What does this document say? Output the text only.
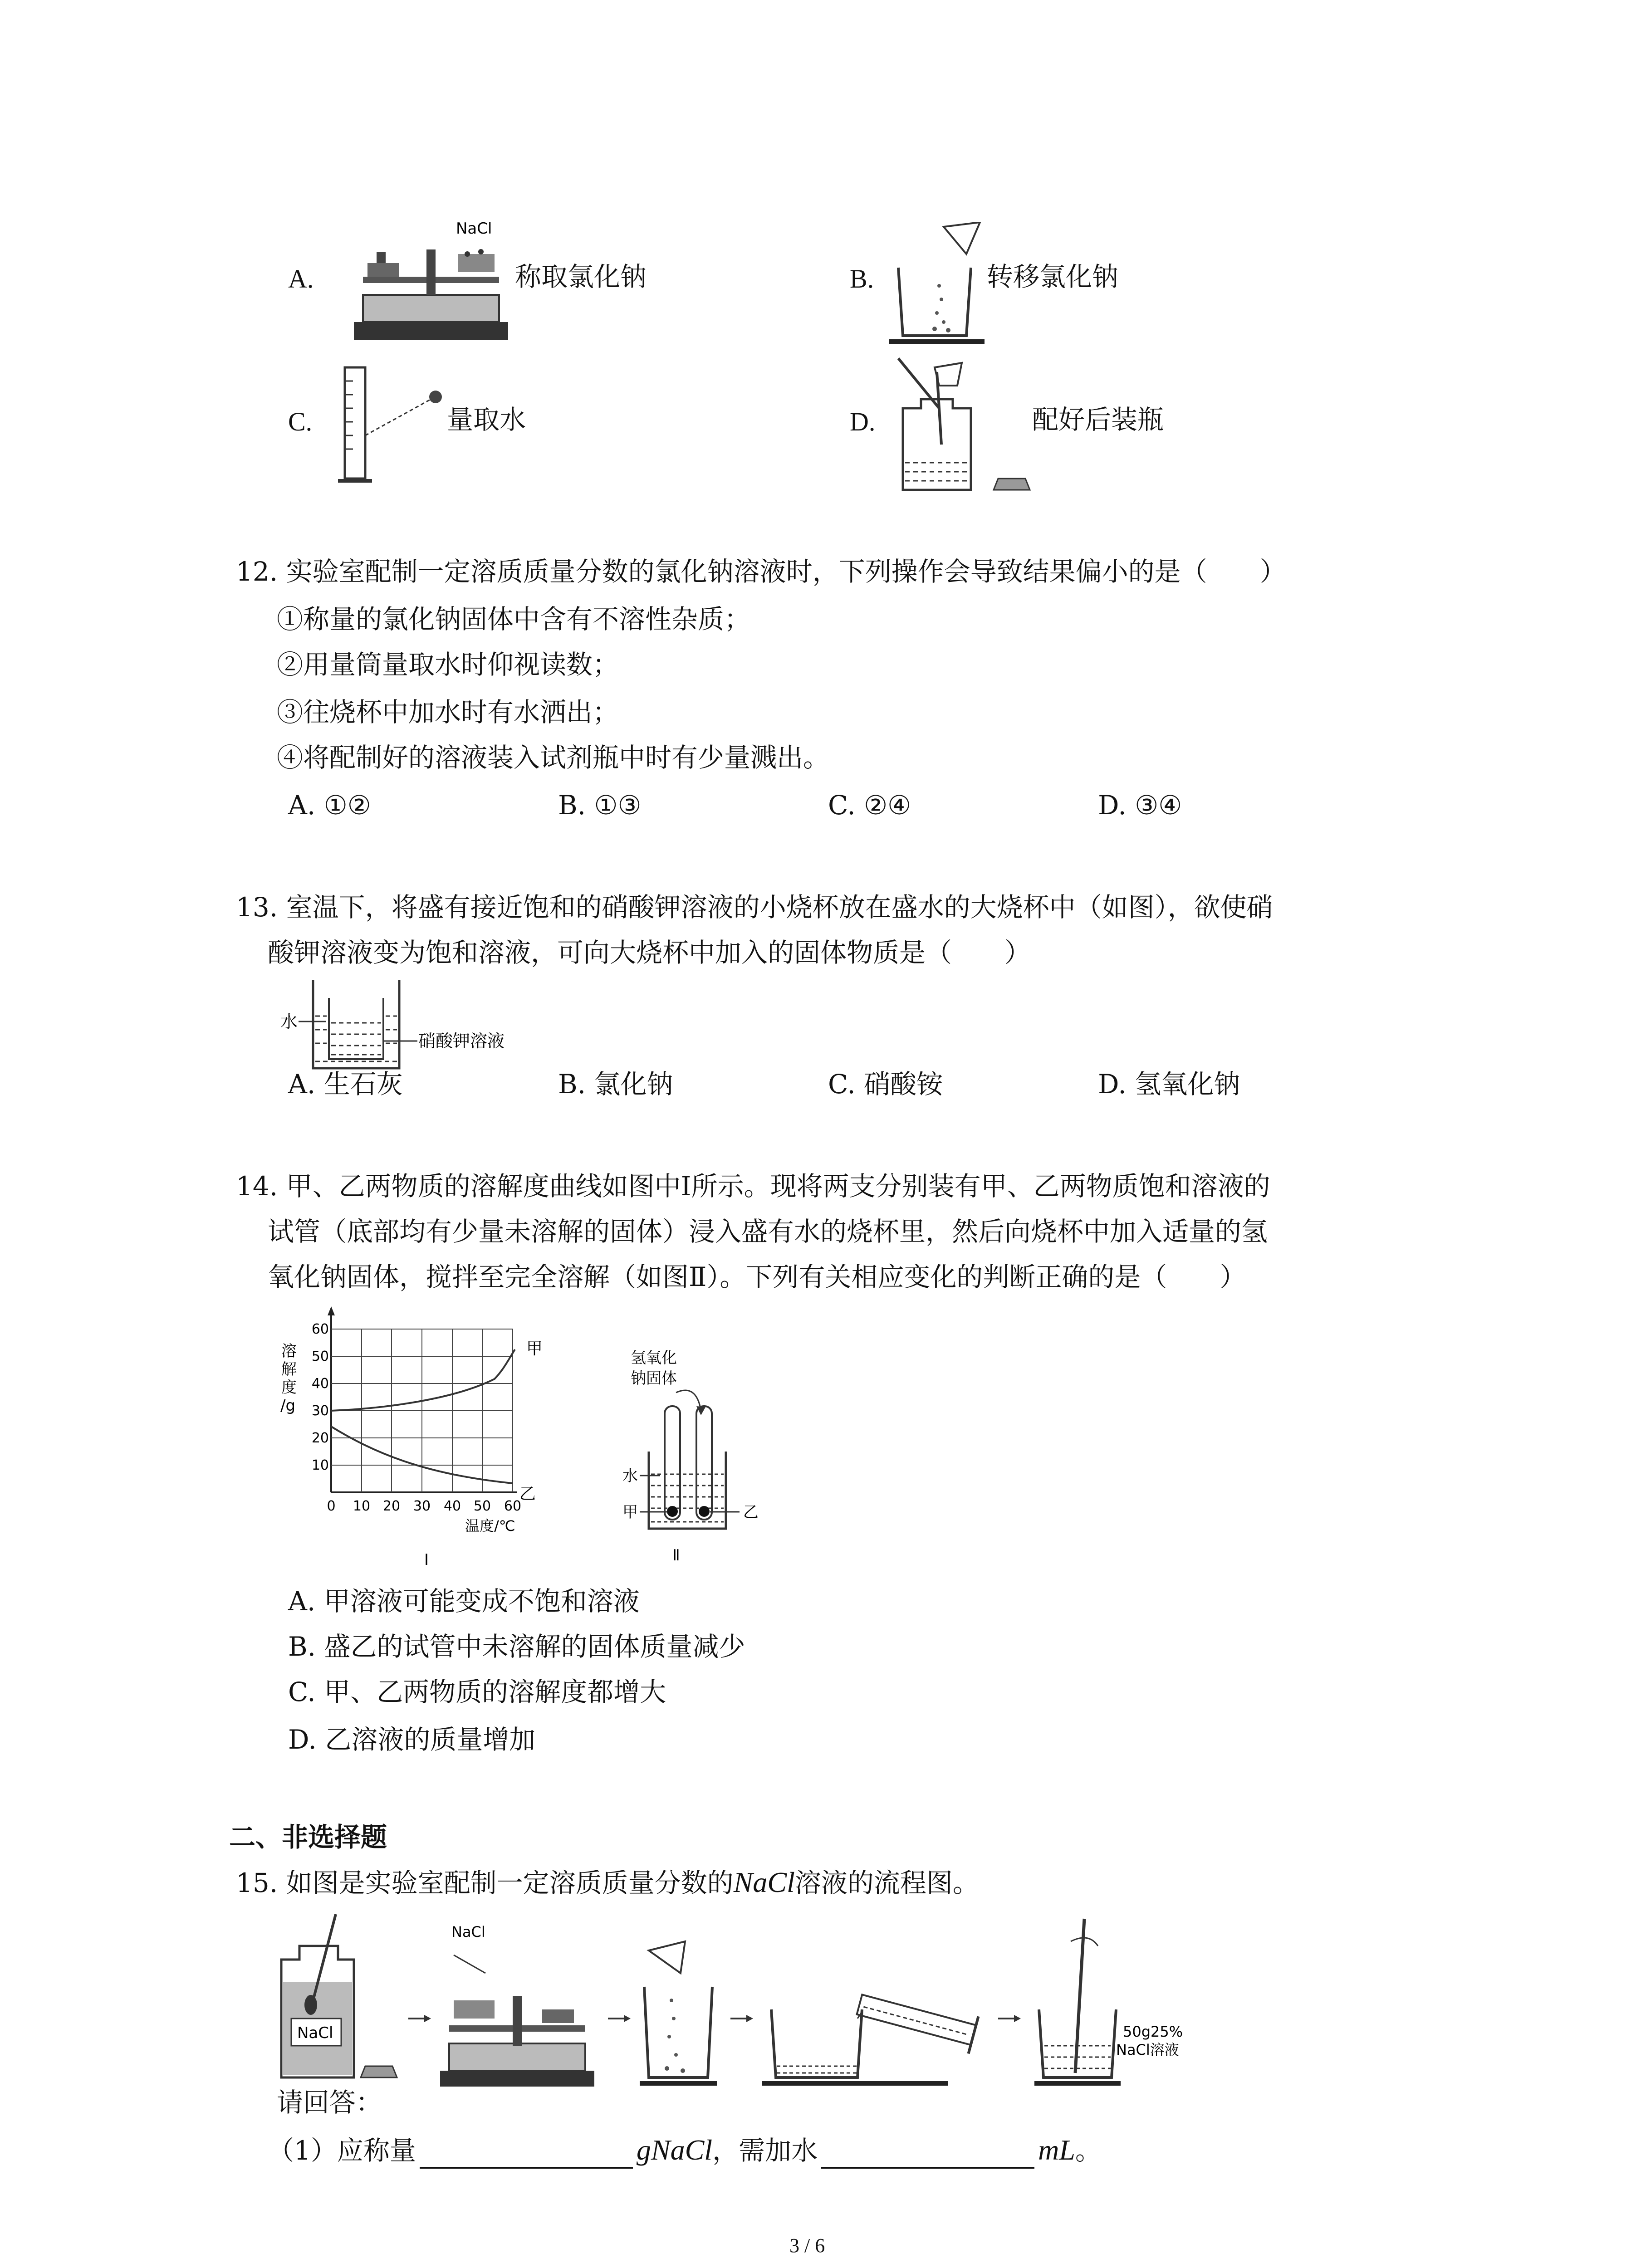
A.
NaCl
称取氯化钠	B.	转移氯化钠
C.	量取水	D.	配好后装瓶
12. 实验室配制一定溶质质量分数的氯化钠溶液时，下列操作会导致结果偏小的是（　　）
①称量的氯化钠固体中含有不溶性杂质；
②用量筒量取水时仰视读数；
③往烧杯中加水时有水洒出；
④将配制好的溶液装入试剂瓶中时有少量溅出。
A. ①②	B. ①③	C. ②④	D. ③④
13. 室温下，将盛有接近饱和的硝酸钾溶液的小烧杯放在盛水的大烧杯中（如图），欲使硝
酸钾溶液变为饱和溶液，可向大烧杯中加入的固体物质是（　　）
水
硝酸钾溶液
A. 生石灰	B. 氯化钠	C. 硝酸铵	D. 氢氧化钠
14. 甲、乙两物质的溶解度曲线如图中Ⅰ所示。现将两支分别装有甲、乙两物质饱和溶液的
试管（底部均有少量未溶解的固体）浸入盛有水的烧杯里，然后向烧杯中加入适量的氢
氧化钠固体，搅拌至完全溶解（如图Ⅱ）。下列有关相应变化的判断正确的是（　　）
溶
解
度
/g
60
50
40
30
20
10
甲
乙
0 10 20 30 40 50 60
温度/℃
Ⅰ
氢氧化
钠固体
水
甲	乙
Ⅱ
A. 甲溶液可能变成不饱和溶液
B. 盛乙的试管中未溶解的固体质量减少
C. 甲、乙两物质的溶解度都增大
D. 乙溶液的质量增加
二、非选择题
15. 如图是实验室配制一定溶质质量分数的NaCl溶液的流程图。
NaCl
NaCl
50g25%
NaCl溶液
请回答：
（1）应称量	gNaCl，需加水	mL。
3 / 6
